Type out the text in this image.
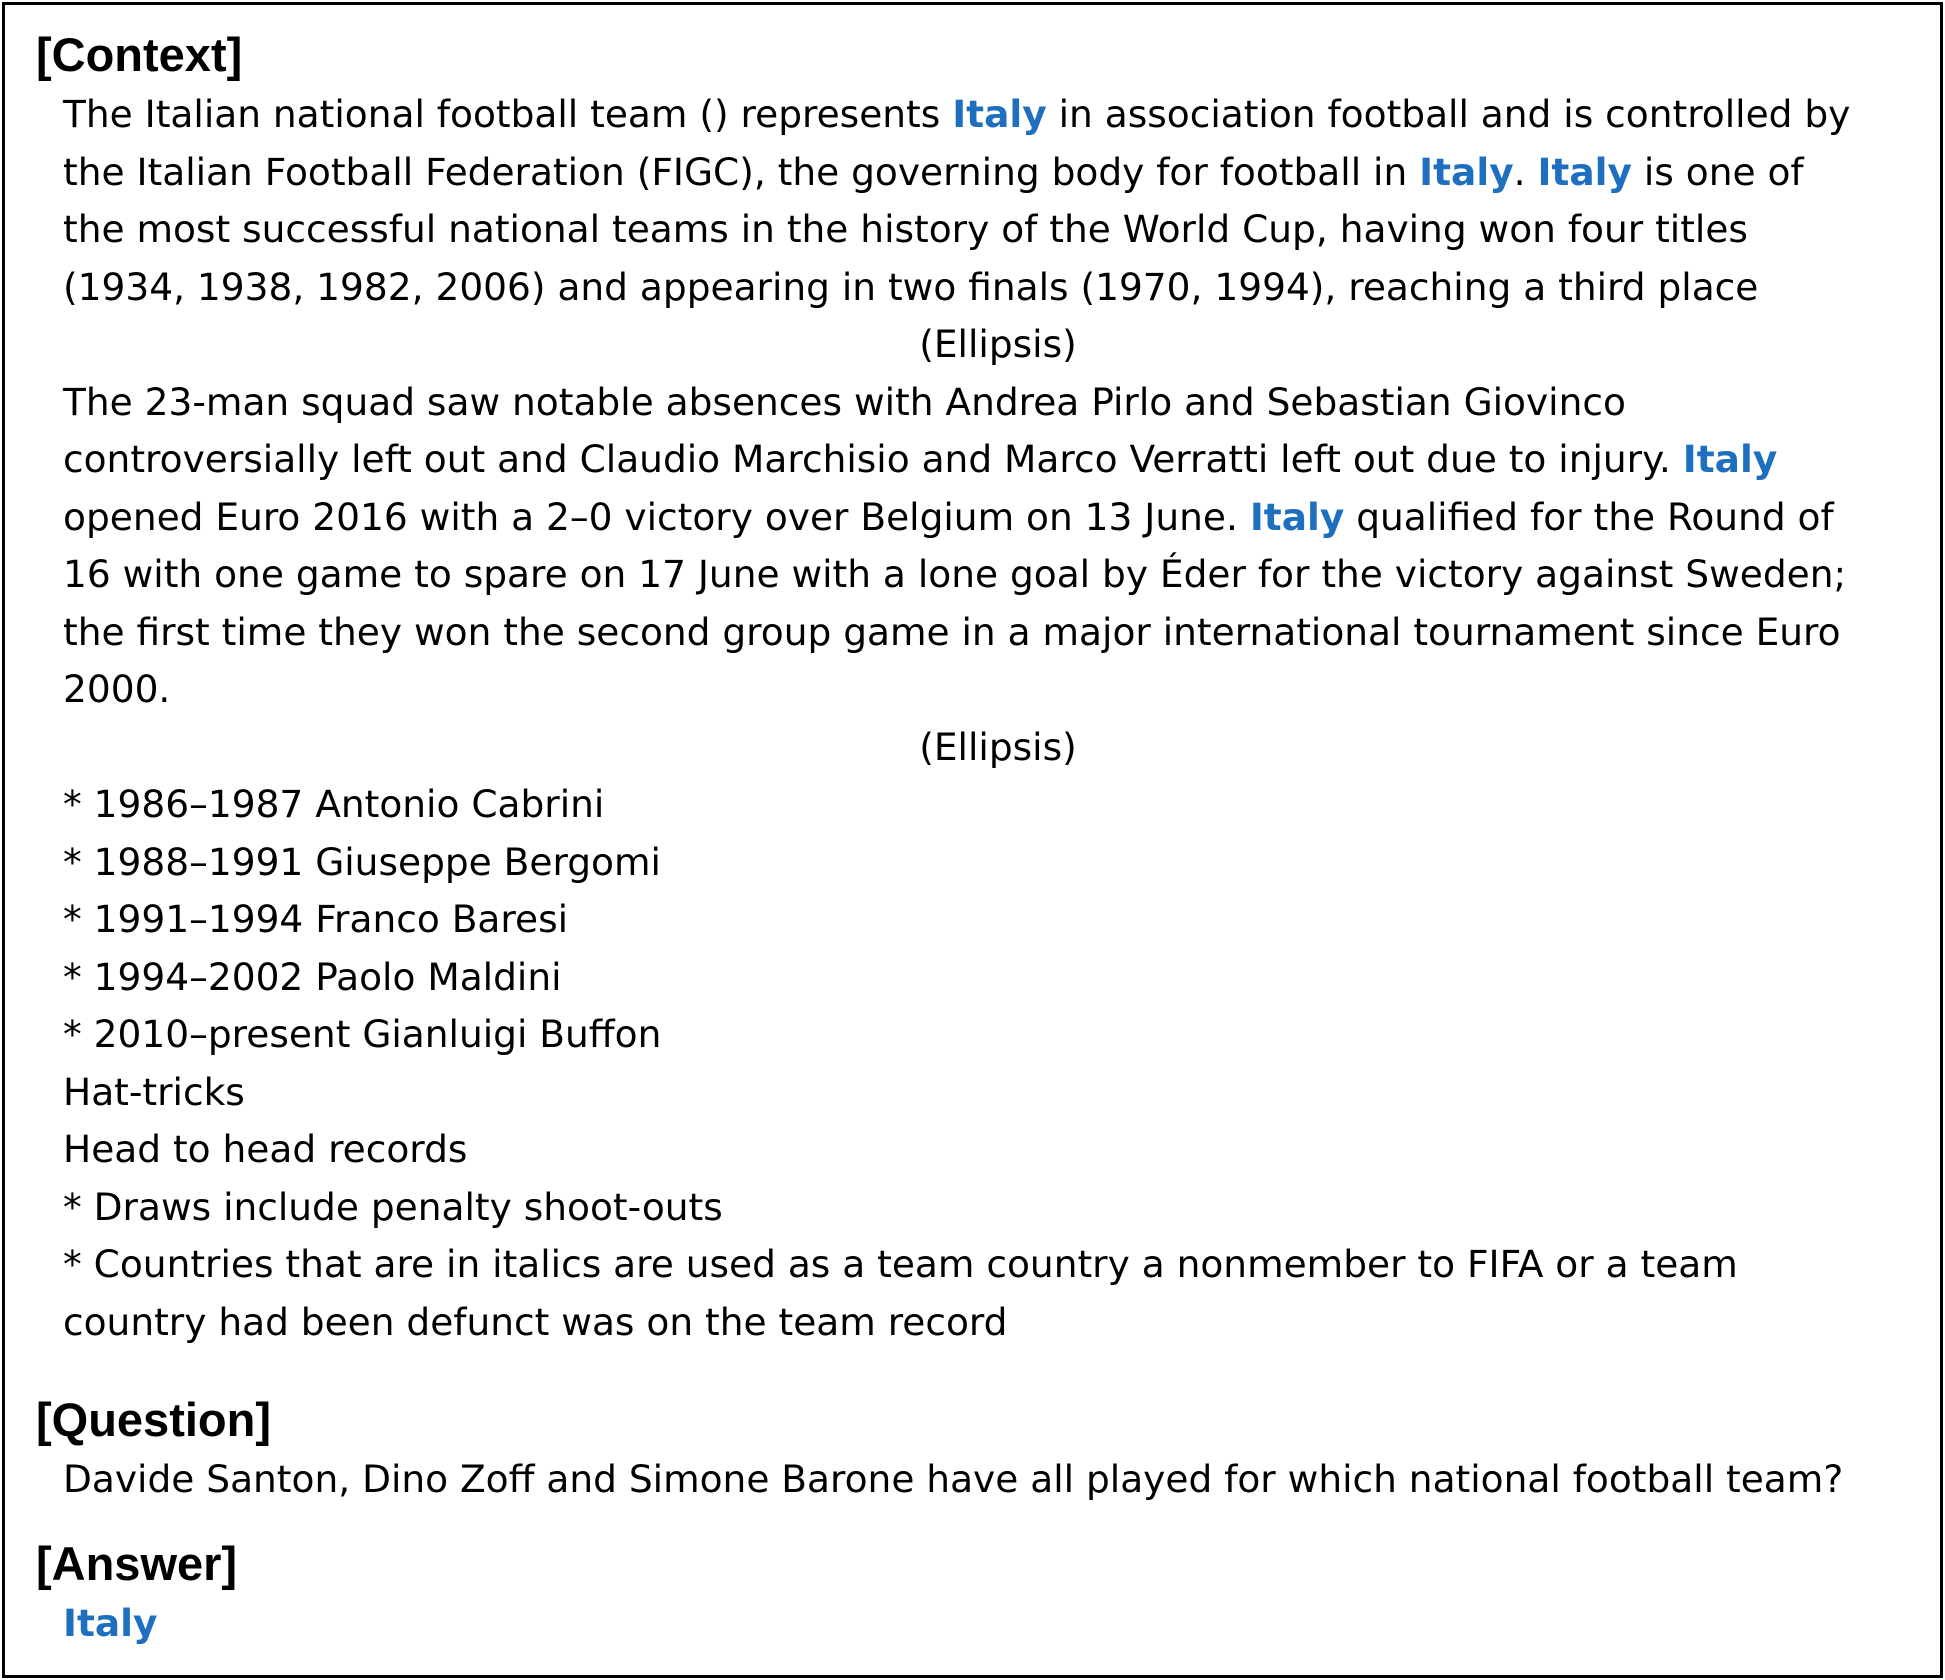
[Context]
The Italian national football team () represents Italy in association football and is controlled by
the Italian Football Federation (FIGC), the governing body for football in Italy. Italy is one of
the most successful national teams in the history of the World Cup, having won four titles
(1934, 1938, 1982, 2006) and appearing in two finals (1970, 1994), reaching a third place
(Ellipsis)
The 23-man squad saw notable absences with Andrea Pirlo and Sebastian Giovinco
controversially left out and Claudio Marchisio and Marco Verratti left out due to injury. Italy
opened Euro 2016 with a 2–0 victory over Belgium on 13 June. Italy qualified for the Round of
16 with one game to spare on 17 June with a lone goal by Éder for the victory against Sweden;
the first time they won the second group game in a major international tournament since Euro
2000.
(Ellipsis)
* 1986–1987 Antonio Cabrini
* 1988–1991 Giuseppe Bergomi
* 1991–1994 Franco Baresi
* 1994–2002 Paolo Maldini
* 2010–present Gianluigi Buffon
Hat-tricks
Head to head records
* Draws include penalty shoot-outs
* Countries that are in italics are used as a team country a nonmember to FIFA or a team
country had been defunct was on the team record
[Question]
Davide Santon, Dino Zoff and Simone Barone have all played for which national football team?
[Answer]
Italy
